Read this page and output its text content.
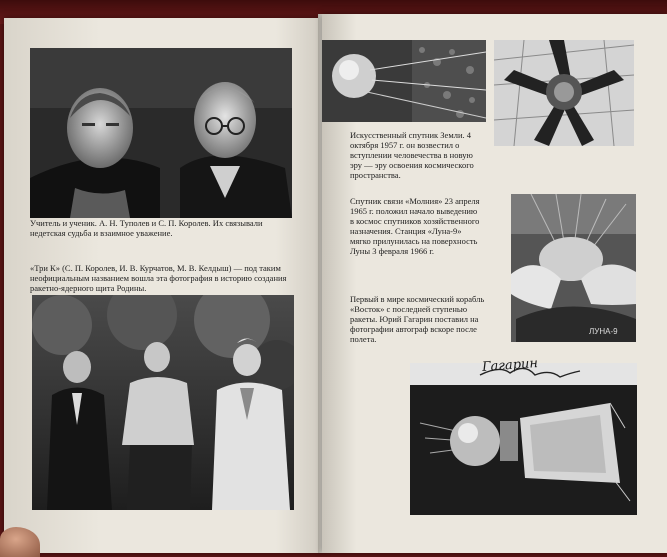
Учитель и ученик. А. Н. Туполев и С. П. Королев. Их связывали недетская судьба и взаимное уважение.
«Три К» (С. П. Королев, И. В. Курчатов, М. В. Келдыш) — под таким неофициальным названием вошла эта фотография в историю создания ракетно-ядерного щита Родины.
Искусственный спутник Земли. 4 октября 1957 г. он возвестил о вступлении человечества в новую эру — эру освоения космического пространства.
Спутник связи «Молния» 23 апреля 1965 г. положил начало выведению в космос спутников хозяйственного назначения. Станция «Луна-9» мягко прилунилась на поверхность Луны 3 февраля 1966 г.
ЛУНА-9
Первый в мире космический корабль «Восток» с последней ступенью ракеты. Юрий Гагарин поставил на фотографии автограф вскоре после полета.
Гагарин
